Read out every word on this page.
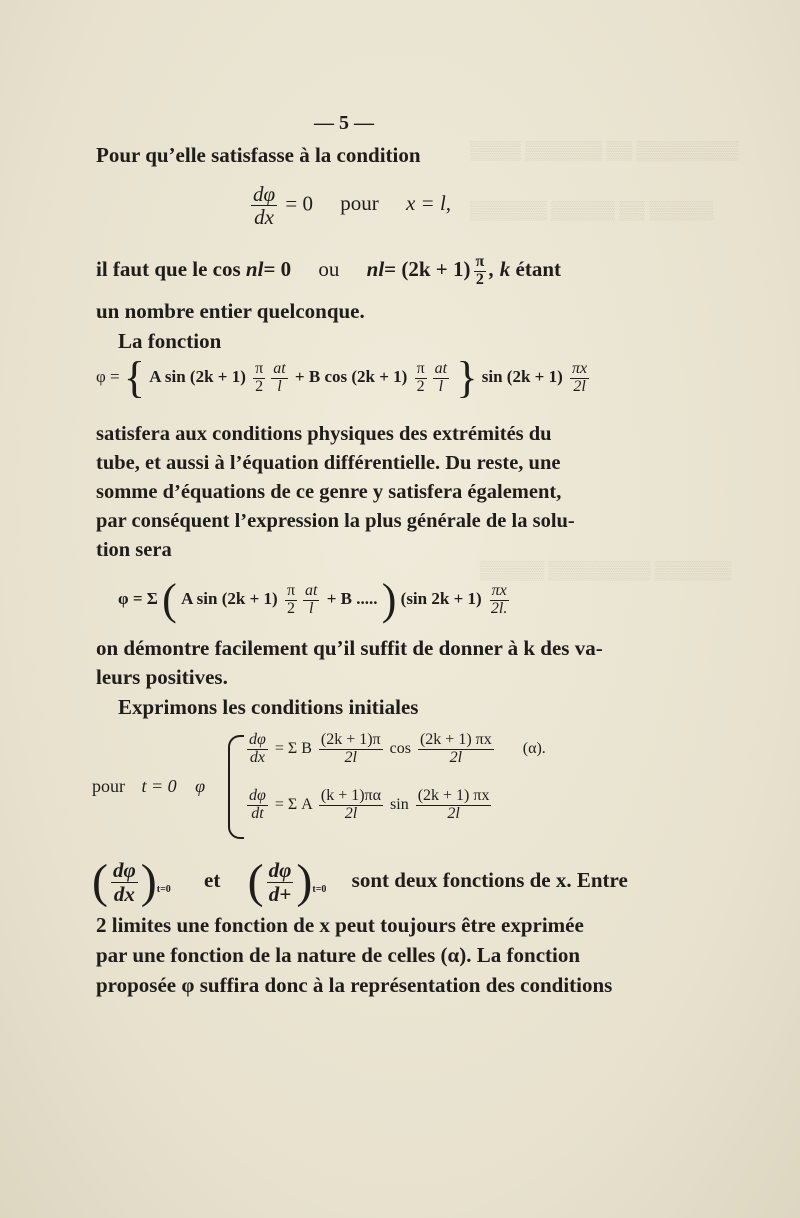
▒▒▒▒ ▒▒▒▒▒▒ ▒▒ ▒▒▒▒▒▒▒▒
▒▒▒▒▒▒ ▒▒▒▒▒ ▒▒ ▒▒▒▒▒
▒▒▒▒▒ ▒▒▒▒▒▒▒▒ ▒▒▒▒▒▒
— 5 —
Pour qu’elle satisfasse à la condition
$\frac{d\varphi}{dx} = 0$ pour x = l,
il faut que le cos nl= 0 ou $nl= (2k + 1) \frac{\pi}{2}$ , k étant
un nombre entier quelconque.
La fonction
φ = { A $\sin (2k + 1) \frac{\pi}{2} \frac{at}{l} + B$ $\cos (2k + 1) \frac{\pi}{2} \frac{at}{l}$ } $\sin (2k + 1) \frac{\pi x}{2l}$
satisfera aux conditions physiques des extrémités du
tube, et aussi à l’équation différentielle. Du reste, une
somme d’équations de ce genre y satisfera également,
par conséquent l’expression la plus générale de la solu-
tion sera
φ = Σ ( A $\sin (2k + 1) \frac{\pi}{2} \frac{at}{l} + B$ ..... ) (sin $2k + 1) \frac{\pi x}{2l.}$
on démontre facilement qu’il suffit de donner à k des va-
leurs positives.
Exprimons les conditions initiales
pour t = 0 φ
$\frac{d\varphi}{dx} = \Sigma$ B $\frac{(2k + 1)\pi}{2l}$ $\cos \frac{(2k + 1) \pi x}{2l} (\alpha)$.
$\frac{d\varphi}{dt} = \Sigma$ A $\frac{(k + 1)\pi\alpha}{2l}$ $\sin \frac{(2k + 1) \pi x}{2l}$
( $\frac{d\varphi}{dx} )_{t=0}$ et ( $\frac{d\varphi}{d+} )_{t=0}$ sont deux fonctions de x. Entre
2 limites une fonction de x peut toujours être exprimée
par une fonction de la nature de celles (α). La fonction
proposée φ suffira donc à la représentation des conditions
